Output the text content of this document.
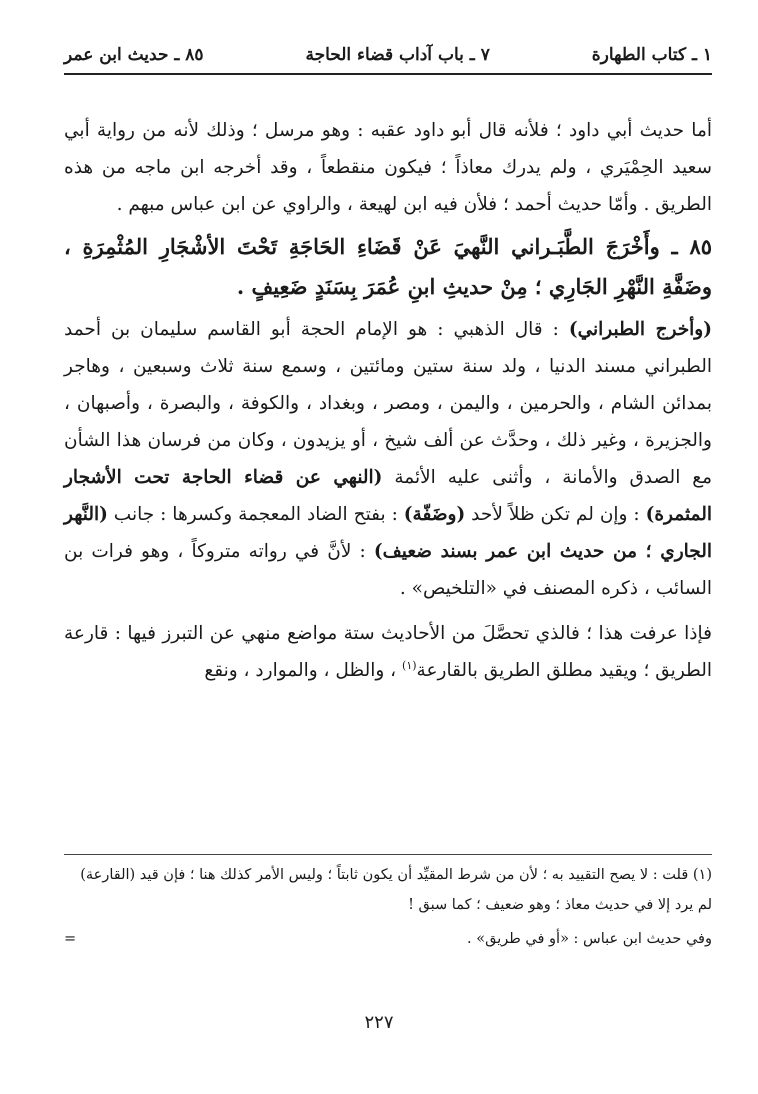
١ ـ كتاب الطهارة
٧ ـ باب آداب قضاء الحاجة
٨٥ ـ حديث ابن عمر

أما حديث أبي داود ؛ فلأنه قال أبو داود عقبه : وهو مرسل ؛ وذلك لأنه من رواية أبي سعيد الحِمْيَري ، ولم يدرك معاذاً ؛ فيكون منقطعاً ، وقد أخرجه ابن ماجه من هذه الطريق . وأمّا حديث أحمد ؛ فلأن فيه ابن لهيعة ، والراوي عن ابن عباس مبهم .

٨٥ ـ وأَخْرَجَ الطَّبَـراني النَّهيَ عَنْ قَضَاءِ الحَاجَةِ تَحْتَ الأشْجَارِ المُثْمِرَةِ ، وضَفَّةِ النَّهْرِ الجَارِي ؛ مِنْ حديثِ ابنِ عُمَرَ بِسَنَدٍ ضَعِيفٍ .

(وأخرج الطبراني) : قال الذهبي : هو الإمام الحجة أبو القاسم سليمان بن أحمد الطبراني مسند الدنيا ، ولد سنة ستين ومائتين ، وسمع سنة ثلاث وسبعين ، وهاجر بمدائن الشام ، والحرمين ، واليمن ، ومصر ، وبغداد ، والكوفة ، والبصرة ، وأصبهان ، والجزيرة ، وغير ذلك ، وحدَّث عن ألف شيخ ، أو يزيدون ، وكان من فرسان هذا الشأن مع الصدق والأمانة ، وأثنى عليه الأئمة (النهي عن قضاء الحاجة تحت الأشجار المثمرة) : وإن لم تكن ظلاً لأحد (وضَفّة) : بفتح الضاد المعجمة وكسرها : جانب (النَّهر الجاري ؛ من حديث ابن عمر بسند ضعيف) : لأنَّ في رواته متروكاً ، وهو فرات بن السائب ، ذكره المصنف في «التلخيص» .

فإذا عرفت هذا ؛ فالذي تحصَّلَ من الأحاديث ستة مواضع منهي عن التبرز فيها : قارعة الطريق ؛ ويقيد مطلق الطريق بالقارعة$^{(١)}$ ، والظل ، والموارد ، ونقع

(١) قلت : لا يصح التقييد به ؛ لأن من شرط المقيِّد أن يكون ثابتاً ؛ وليس الأمر كذلك هنا ؛ فإن قيد (القارعة) لم يرد إلا في حديث معاذ ؛ وهو ضعيف ؛ كما سبق !

وفي حديث ابن عباس : «أو في طريق» .
=
٢٢٧
